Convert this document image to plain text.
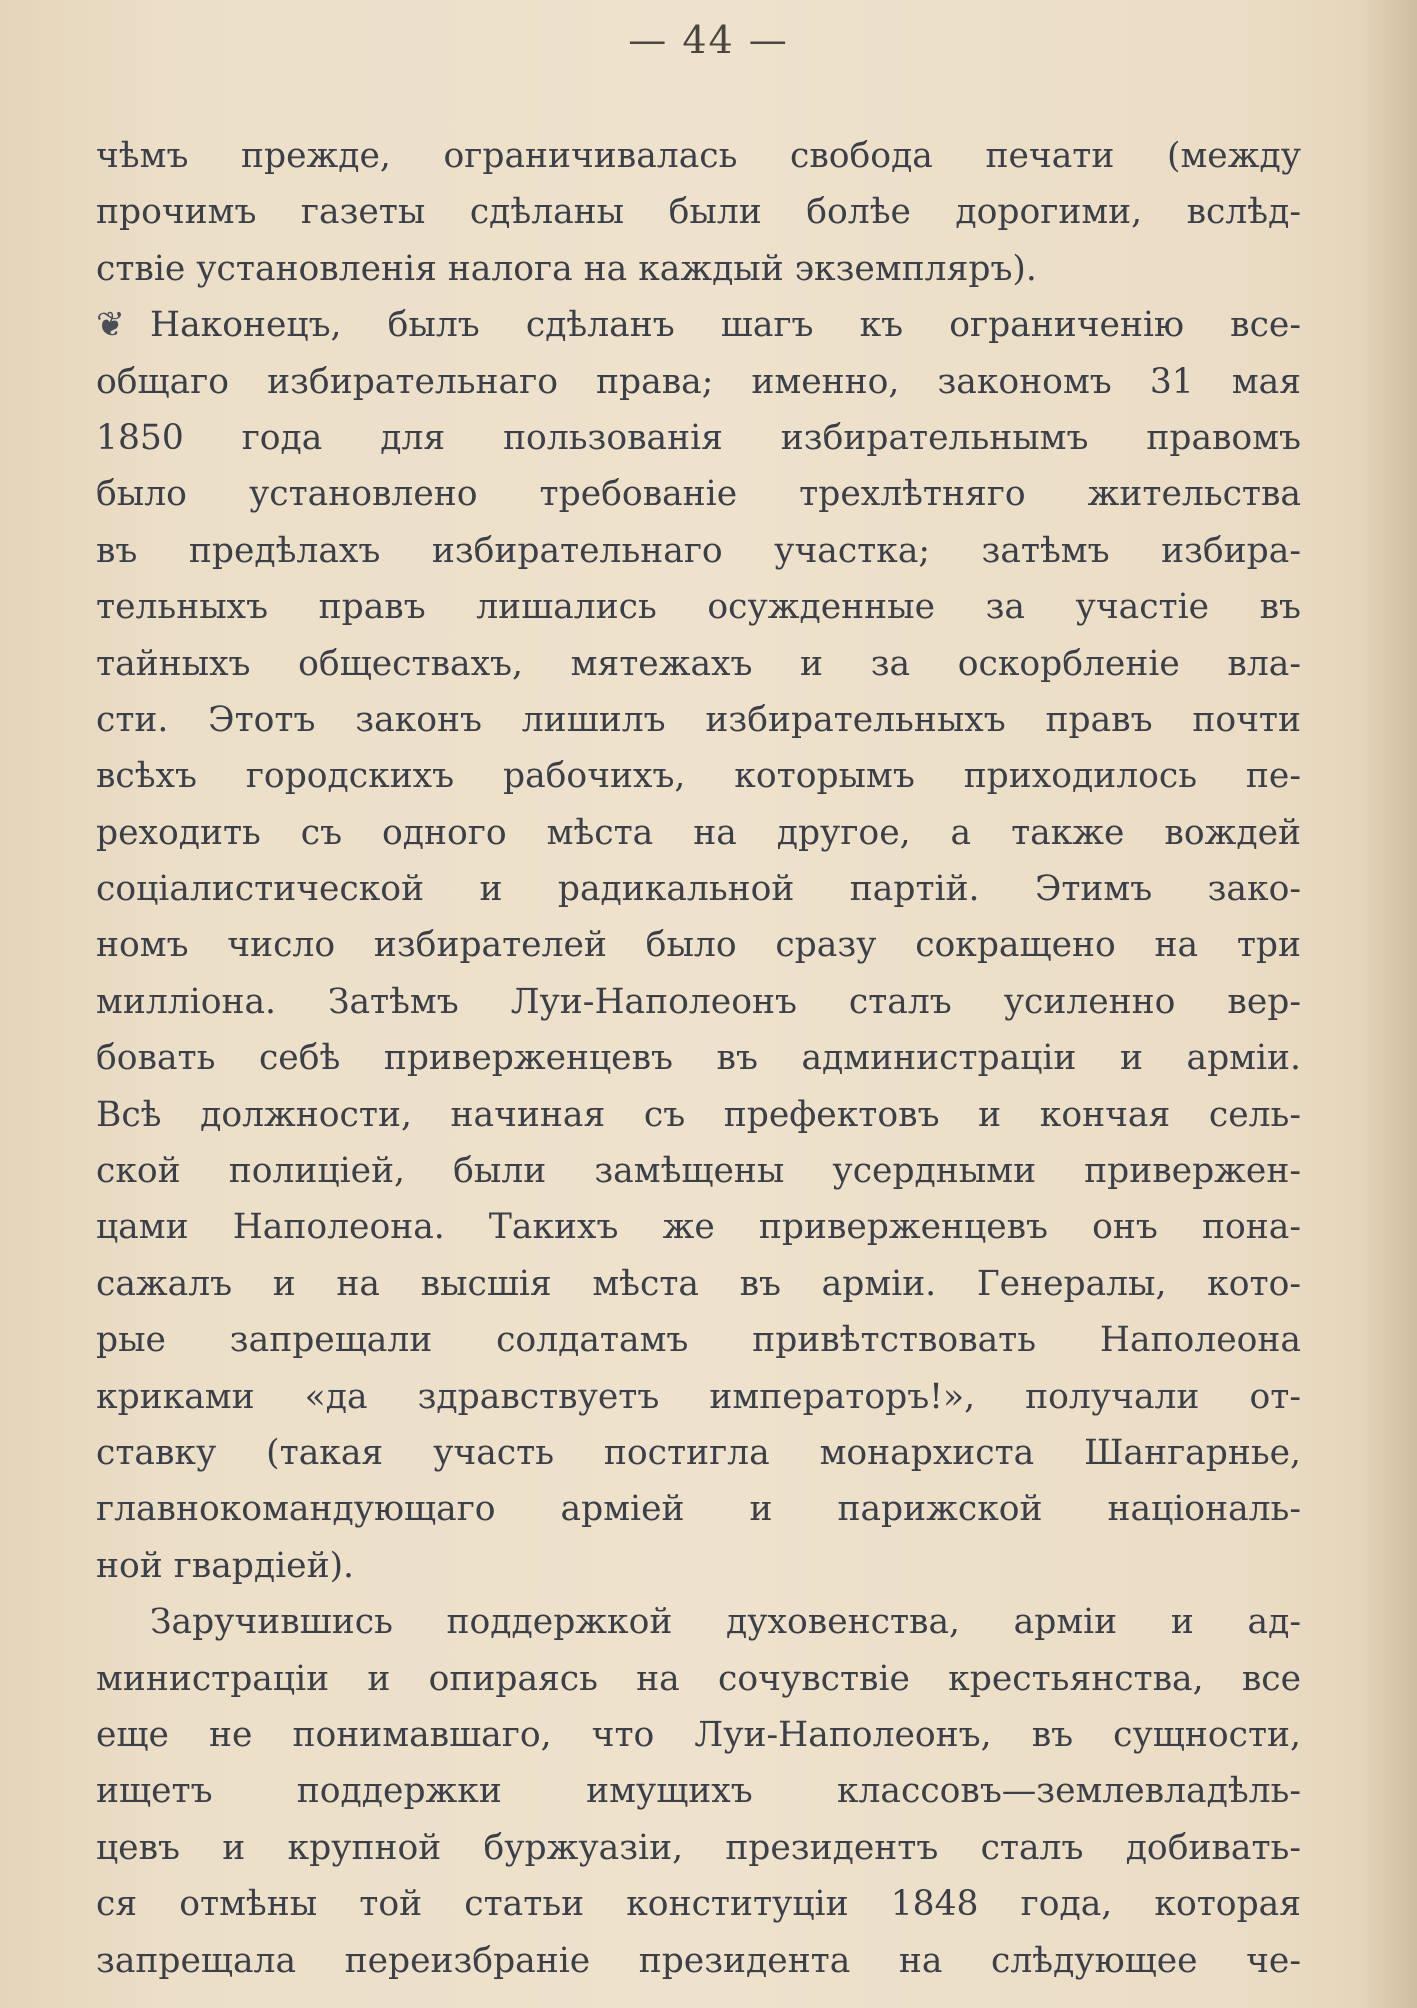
— 44 —
чѣмъ прежде, ограничивалась свобода печати (между
прочимъ газеты сдѣланы были болѣе дорогими, вслѣд-
ствіе установленія налога на каждый экземпляръ).
❦ Наконецъ, былъ сдѣланъ шагъ къ ограниченію все-
общаго избирательнаго права; именно, закономъ 31 мая
1850 года для пользованія избирательнымъ правомъ
было установлено требованіе трехлѣтняго жительства
въ предѣлахъ избирательнаго участка; затѣмъ избира-
тельныхъ правъ лишались осужденные за участіе въ
тайныхъ обществахъ, мятежахъ и за оскорбленіе вла-
сти. Этотъ законъ лишилъ избирательныхъ правъ почти
всѣхъ городскихъ рабочихъ, которымъ приходилось пе-
реходить съ одного мѣста на другое, а также вождей
соціалистической и радикальной партій. Этимъ зако-
номъ число избирателей было сразу сокращено на три
милліона. Затѣмъ Луи-Наполеонъ сталъ усиленно вер-
бовать себѣ приверженцевъ въ администраціи и арміи.
Всѣ должности, начиная съ префектовъ и кончая сель-
ской полиціей, были замѣщены усердными привержен-
цами Наполеона. Такихъ же приверженцевъ онъ пона-
сажалъ и на высшія мѣста въ арміи. Генералы, кото-
рые запрещали солдатамъ привѣтствовать Наполеона
криками «да здравствуетъ императоръ!», получали от-
ставку (такая участь постигла монархиста Шангарнье,
главнокомандующаго арміей и парижской національ-
ной гвардіей).
Заручившись поддержкой духовенства, арміи и ад-
министраціи и опираясь на сочувствіе крестьянства, все
еще не понимавшаго, что Луи-Наполеонъ, въ сущности,
ищетъ поддержки имущихъ классовъ—землевладѣль-
цевъ и крупной буржуазіи, президентъ сталъ добивать-
ся отмѣны той статьи конституціи 1848 года, которая
запрещала переизбраніе президента на слѣдующее че-
